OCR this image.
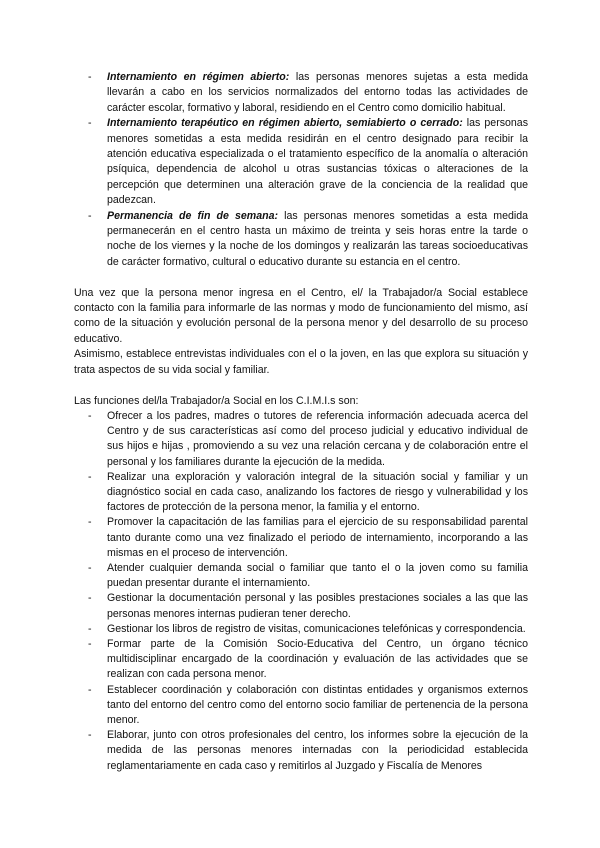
- Internamiento en régimen abierto: las personas menores sujetas a esta medida llevarán a cabo en los servicios normalizados del entorno todas las actividades de carácter escolar, formativo y laboral, residiendo en el Centro como domicilio habitual.
- Internamiento terapéutico en régimen abierto, semiabierto o cerrado: las personas menores sometidas a esta medida residirán en el centro designado para recibir la atención educativa especializada o el tratamiento específico de la anomalía o alteración psíquica, dependencia de alcohol u otras sustancias tóxicas o alteraciones de la percepción que determinen una alteración grave de la conciencia de la realidad que padezcan.
- Permanencia de fin de semana: las personas menores sometidas a esta medida permanecerán en el centro hasta un máximo de treinta y seis horas entre la tarde o noche de los viernes y la noche de los domingos y realizarán las tareas socioeducativas de carácter formativo, cultural o educativo durante su estancia en el centro.

Una vez que la persona menor ingresa en el Centro, el/ la Trabajador/a Social establece contacto con la familia para informarle de las normas y modo de funcionamiento del mismo, así como de la situación y evolución personal de la persona menor y del desarrollo de su proceso educativo.

Asimismo, establece entrevistas individuales con el o la joven, en las que explora su situación y trata aspectos de su vida social y familiar.

Las funciones del/la Trabajador/a Social en los C.I.M.I.s son:

- Ofrecer a los padres, madres o tutores de referencia información adecuada acerca del Centro y de sus características así como del proceso judicial y educativo individual de sus hijos e hijas , promoviendo a su vez una relación cercana y de colaboración entre el personal y los familiares durante la ejecución de la medida.
- Realizar una exploración y valoración integral de la situación social y familiar y un diagnóstico social en cada caso, analizando los factores de riesgo y vulnerabilidad y los factores de protección de la persona menor, la familia y el entorno.
- Promover la capacitación de las familias para el ejercicio de su responsabilidad parental tanto durante como una vez finalizado el periodo de internamiento, incorporando a las mismas en el proceso de intervención.
- Atender cualquier demanda social o familiar que tanto el o la joven como su familia puedan presentar durante el internamiento.
- Gestionar la documentación personal y las posibles prestaciones sociales a las que las personas menores internas pudieran tener derecho.
- Gestionar los libros de registro de visitas, comunicaciones telefónicas y correspondencia.
- Formar parte de la Comisión Socio-Educativa del Centro, un órgano técnico multidisciplinar encargado de la coordinación y evaluación de las actividades que se realizan con cada persona menor.
- Establecer coordinación y colaboración con distintas entidades y organismos externos tanto del entorno del centro como del entorno socio familiar de pertenencia de la persona menor.
- Elaborar, junto con otros profesionales del centro, los informes sobre la ejecución de la medida de las personas menores internadas con la periodicidad establecida reglamentariamente en cada caso y remitirlos al Juzgado y Fiscalía de Menores
